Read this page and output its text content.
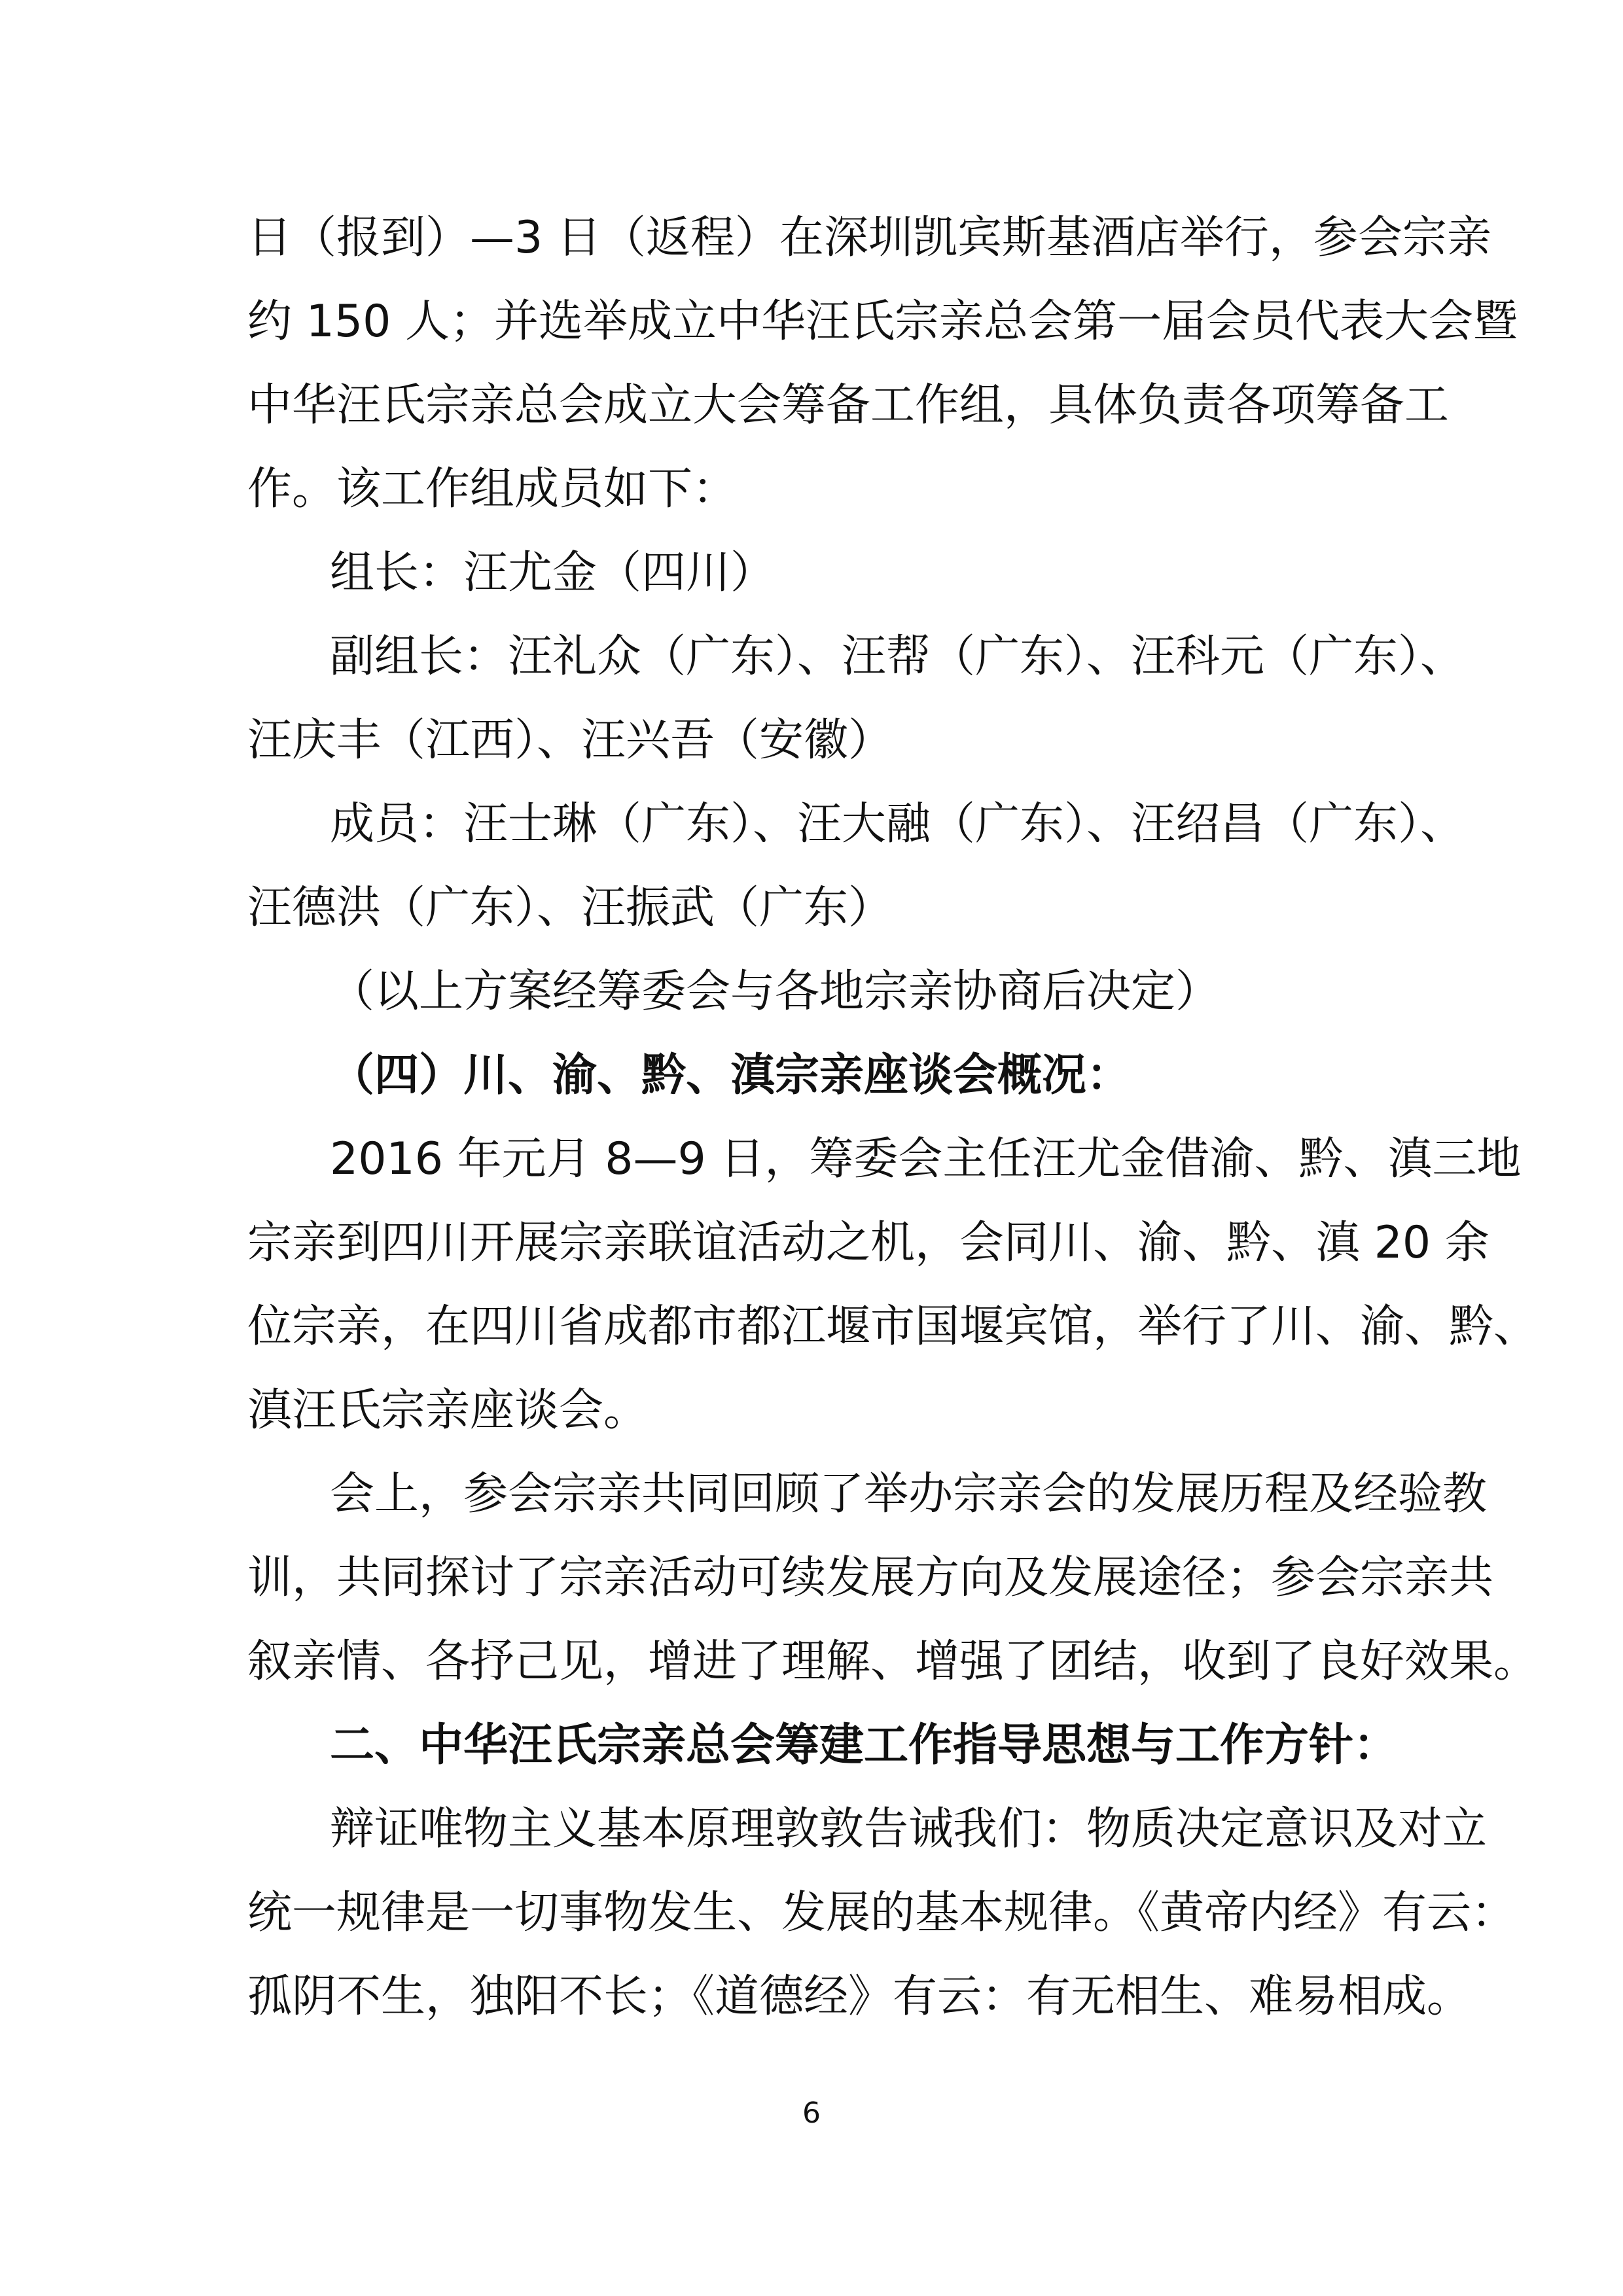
日（报到）—3 日（返程）在深圳凯宾斯基酒店举行，参会宗亲
约 150 人；并选举成立中华汪氏宗亲总会第一届会员代表大会暨
中华汪氏宗亲总会成立大会筹备工作组，具体负责各项筹备工
作。该工作组成员如下：
组长：汪尤金（四川）
副组长：汪礼众（广东）、汪帮（广东）、汪科元（广东）、
汪庆丰（江西）、汪兴吾（安徽）
成员：汪士琳（广东）、汪大融（广东）、汪绍昌（广东）、
汪德洪（广东）、汪振武（广东）
（以上方案经筹委会与各地宗亲协商后决定）
（四）川、渝、黔、滇宗亲座谈会概况：
2016 年元月 8—9 日，筹委会主任汪尤金借渝、黔、滇三地
宗亲到四川开展宗亲联谊活动之机，会同川、渝、黔、滇 20 余
位宗亲，在四川省成都市都江堰市国堰宾馆，举行了川、渝、黔、
滇汪氏宗亲座谈会。
会上，参会宗亲共同回顾了举办宗亲会的发展历程及经验教
训，共同探讨了宗亲活动可续发展方向及发展途径；参会宗亲共
叙亲情、各抒己见，增进了理解、增强了团结，收到了良好效果。
二、中华汪氏宗亲总会筹建工作指导思想与工作方针：
辩证唯物主义基本原理敦敦告诫我们：物质决定意识及对立
统一规律是一切事物发生、发展的基本规律。《黄帝内经》有云：
孤阴不生，独阳不长；《道德经》有云：有无相生、难易相成。
6
